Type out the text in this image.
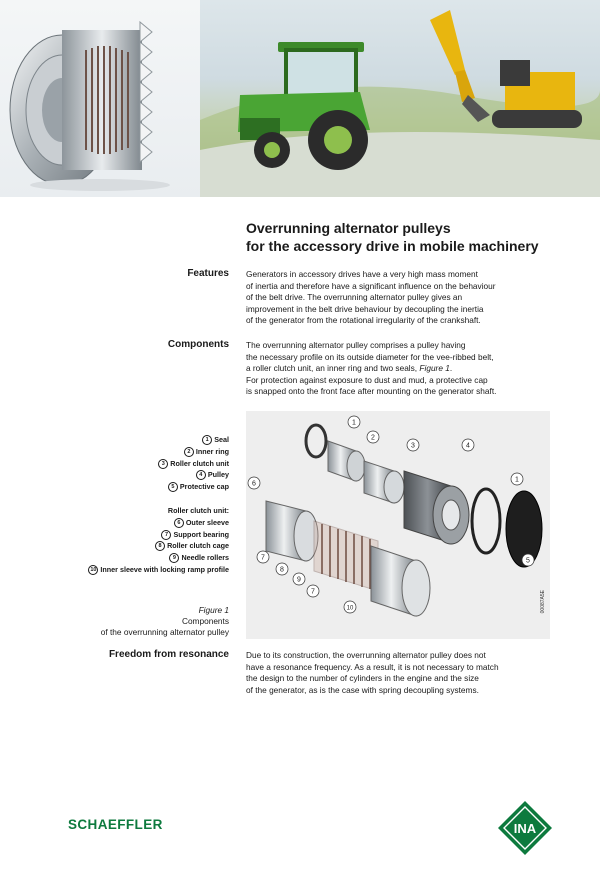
Overrunning alternator pulleys
for the accessory drive in mobile machinery
Features Generators in accessory drives have a very high mass moment
of inertia and therefore have a significant influence on the behaviour
of the belt drive. The overrunning alternator pulley gives an
improvement in the belt drive behaviour by decoupling the inertia
of the generator from the rotational irregularity of the crankshaft.
Components The overrunning alternator pulley comprises a pulley having
the necessary profile on its outside diameter for the vee-ribbed belt,
a roller clutch unit, an inner ring and two seals, Figure 1.
For protection against exposure to dust and mud, a protective cap
is snapped onto the front face after mounting on the generator shaft.
1 Seal
2 Inner ring
3 Roller clutch unit
4 Pulley
5 Protective cap
Roller clutch unit:
6 Outer sleeve
7 Support bearing
8 Roller clutch cage
9 Needle rollers
10 Inner sleeve with locking ramp profile
Figure 1
Components
of the overrunning alternator pulley
1
2
3	4
1
5
6
7
8
9
7
10	00087A5E
Freedom from resonance Due to its construction, the overrunning alternator pulley does not
have a resonance frequency. As a result, it is not necessary to match
the design to the number of cylinders in the engine and the size
of the generator, as is the case with spring decoupling systems.
SCHAEFFLER	INA
